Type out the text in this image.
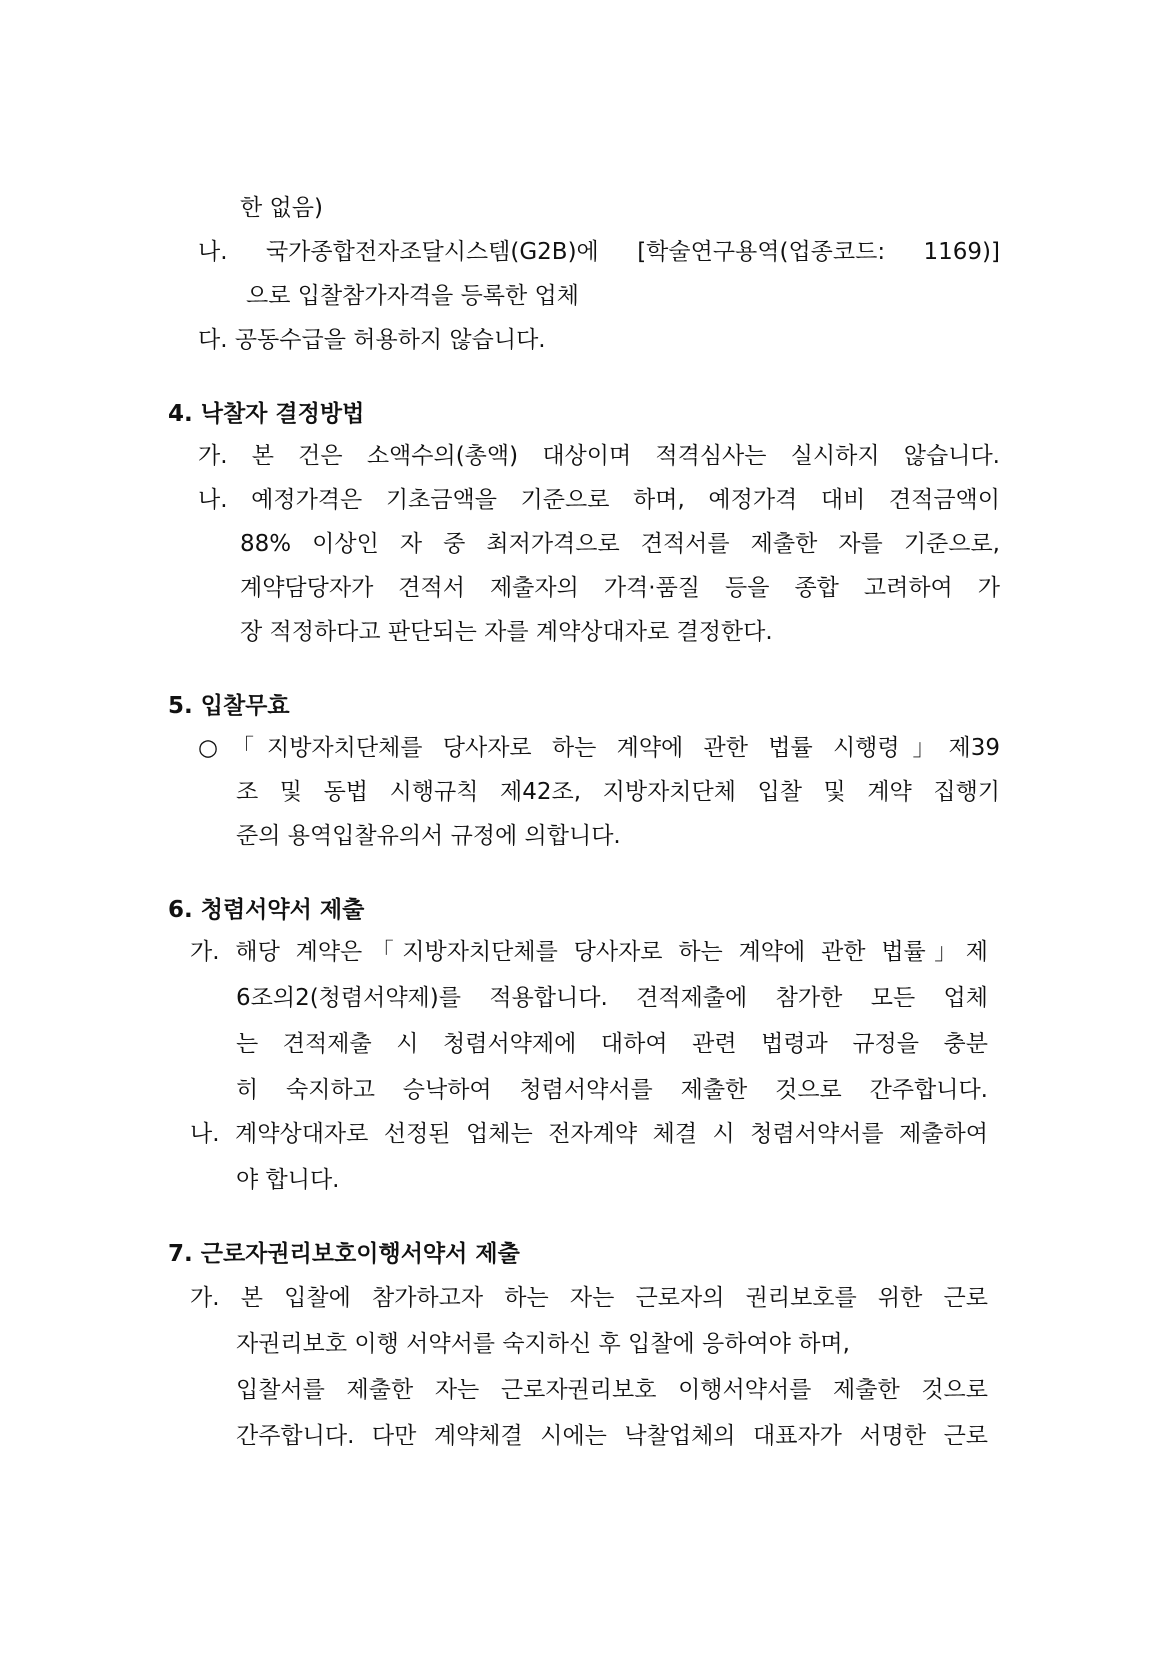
한 없음)
나. 국가종합전자조달시스템(G2B)에 [학술연구용역(업종코드: 1169)]
으로 입찰참가자격을 등록한 업체
다. 공동수급을 허용하지 않습니다.
4. 낙찰자 결정방법
가. 본 건은 소액수의(총액) 대상이며 적격심사는 실시하지 않습니다.
나. 예정가격은 기초금액을 기준으로 하며, 예정가격 대비 견적금액이
88% 이상인 자 중 최저가격으로 견적서를 제출한 자를 기준으로,
계약담당자가 견적서 제출자의 가격·품질 등을 종합 고려하여 가
장 적정하다고 판단되는 자를 계약상대자로 결정한다.
5. 입찰무효
○「지방자치단체를 당사자로 하는 계약에 관한 법률 시행령」제39
조 및 동법 시행규칙 제42조, 지방자치단체 입찰 및 계약 집행기
준의 용역입찰유의서 규정에 의합니다.
6. 청렴서약서 제출
가. 해당 계약은「지방자치단체를 당사자로 하는 계약에 관한 법률」제
6조의2(청렴서약제)를 적용합니다. 견적제출에 참가한 모든 업체
는 견적제출 시 청렴서약제에 대하여 관련 법령과 규정을 충분
히 숙지하고 승낙하여 청렴서약서를 제출한 것으로 간주합니다.
나. 계약상대자로 선정된 업체는 전자계약 체결 시 청렴서약서를 제출하여
야 합니다.
7. 근로자권리보호이행서약서 제출
가. 본 입찰에 참가하고자 하는 자는 근로자의 권리보호를 위한 근로
자권리보호 이행 서약서를 숙지하신 후 입찰에 응하여야 하며,
입찰서를 제출한 자는 근로자권리보호 이행서약서를 제출한 것으로
간주합니다. 다만 계약체결 시에는 낙찰업체의 대표자가 서명한 근로
